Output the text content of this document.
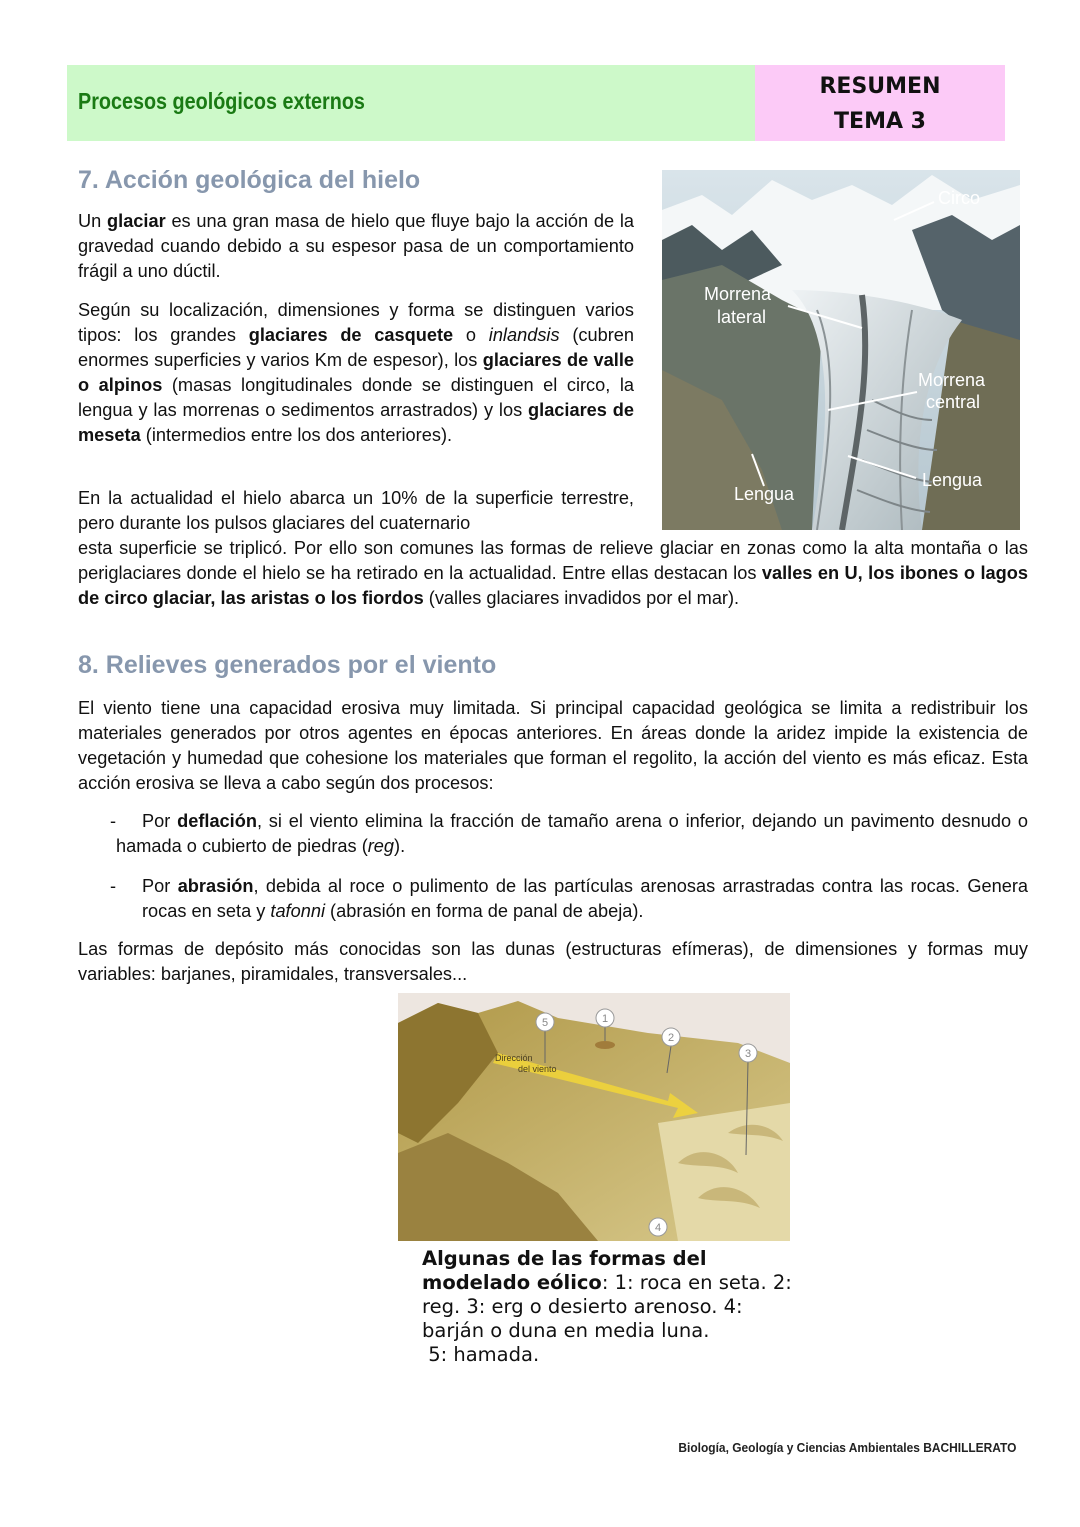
Procesos geológicos externos
RESUMEN
TEMA 3
7. Acción geológica del hielo

Un glaciar es una gran masa de hielo que fluye bajo la acción de la gravedad cuando debido a su espesor pasa de un comportamiento frágil a uno dúctil.

Según su localización, dimensiones y forma se distinguen varios tipos: los grandes glaciares de casquete o inlandsis (cubren enormes superficies y varios Km de espesor), los glaciares de valle o alpinos (masas longitudinales donde se distinguen el circo, la lengua y las morrenas o sedimentos arrastrados) y los glaciares de meseta (intermedios entre los dos anteriores).

En la actualidad el hielo abarca un 10% de la superficie terrestre, pero durante los pulsos glaciares del cuaternario

esta superficie se triplicó. Por ello son comunes las formas de relieve glaciar en zonas como la alta montaña o las periglaciares donde el hielo se ha retirado en la actualidad. Entre ellas destacan los valles en U, los ibones o lagos de circo glaciar, las aristas o los fiordos (valles glaciares invadidos por el mar).

Circo
Morrena
lateral
Morrena
central
Lengua
Lengua
8. Relieves generados por el viento

El viento tiene una capacidad erosiva muy limitada. Si principal capacidad geológica se limita a redistribuir los materiales generados por otros agentes en épocas anteriores. En áreas donde la aridez impide la existencia de vegetación y humedad que cohesione los materiales que forman el regolito, la acción del viento es más eficaz. Esta acción erosiva se lleva a cabo según dos procesos:

-	Por deflación, si el viento elimina la fracción de tamaño arena o inferior, dejando un pavimento desnudo o hamada o cubierto de piedras (reg).

- Por abrasión, debida al roce o pulimento de las partículas arenosas arrastradas contra las rocas. Genera rocas en seta y tafonni (abrasión en forma de panal de abeja).

Las formas de depósito más conocidas son las dunas (estructuras efímeras), de dimensiones y formas muy variables: barjanes, piramidales, transversales...

Dirección
del viento
1
2
3
4
5
Algunas de las formas del modelado eólico: 1: roca en seta. 2: reg. 3: erg o desierto arenoso. 4: barján o duna en media luna.
5: hamada.
Biología, Geología y Ciencias Ambientales BACHILLERATO
